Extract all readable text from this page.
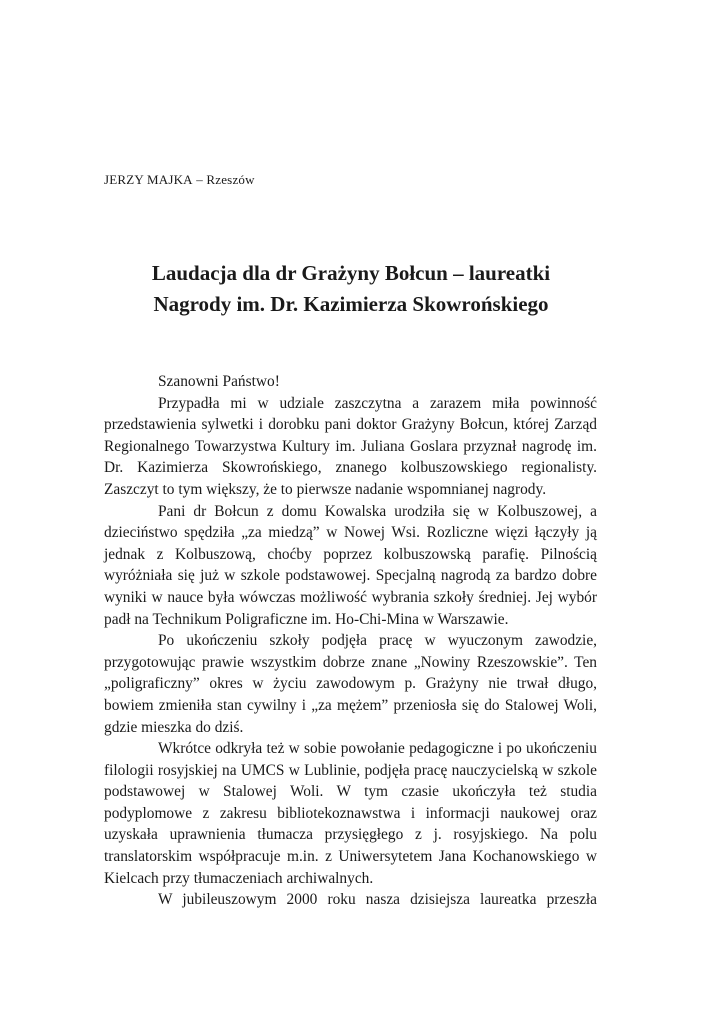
JERZY MAJKA – Rzeszów
Laudacja dla dr Grażyny Bołcun – laureatki
Nagrody im. Dr. Kazimierza Skowrońskiego

Szanowni Państwo!

Przypadła mi w udziale zaszczytna a zarazem miła powinność przedstawienia sylwetki i dorobku pani doktor Grażyny Bołcun, której Zarząd Regionalnego Towarzystwa Kultury im. Juliana Goslara przyznał nagrodę im. Dr. Kazimierza Skowrońskiego, znanego kolbuszowskiego regionalisty. Zaszczyt to tym większy, że to pierwsze nadanie wspomnianej nagrody.

Pani dr Bołcun z domu Kowalska urodziła się w Kolbuszowej, a dzieciństwo spędziła „za miedzą” w Nowej Wsi. Rozliczne więzi łączyły ją jednak z Kolbuszową, choćby poprzez kolbuszowską parafię. Pilnością wyróżniała się już w szkole podstawowej. Specjalną nagrodą za bardzo dobre wyniki w nauce była wówczas możliwość wybrania szkoły średniej. Jej wybór padł na Technikum Poligraficzne im. Ho-Chi-Mina w Warszawie.

Po ukończeniu szkoły podjęła pracę w wyuczonym zawodzie, przygotowując prawie wszystkim dobrze znane „Nowiny Rzeszowskie”. Ten „poligraficzny” okres w życiu zawodowym p. Grażyny nie trwał długo, bowiem zmieniła stan cywilny i „za mężem” przeniosła się do Stalowej Woli, gdzie mieszka do dziś.

Wkrótce odkryła też w sobie powołanie pedagogiczne i po ukończeniu filologii rosyjskiej na UMCS w Lublinie, podjęła pracę nauczycielską w szkole podstawowej w Stalowej Woli. W tym czasie ukończyła też studia podyplomowe z zakresu bibliotekoznawstwa i informacji naukowej oraz uzyskała uprawnienia tłumacza przysięgłego z j. rosyjskiego. Na polu translatorskim współpracuje m.in. z Uniwersytetem Jana Kochanowskiego w Kielcach przy tłumaczeniach archiwalnych.

W jubileuszowym 2000 roku nasza dzisiejsza laureatka przeszła
